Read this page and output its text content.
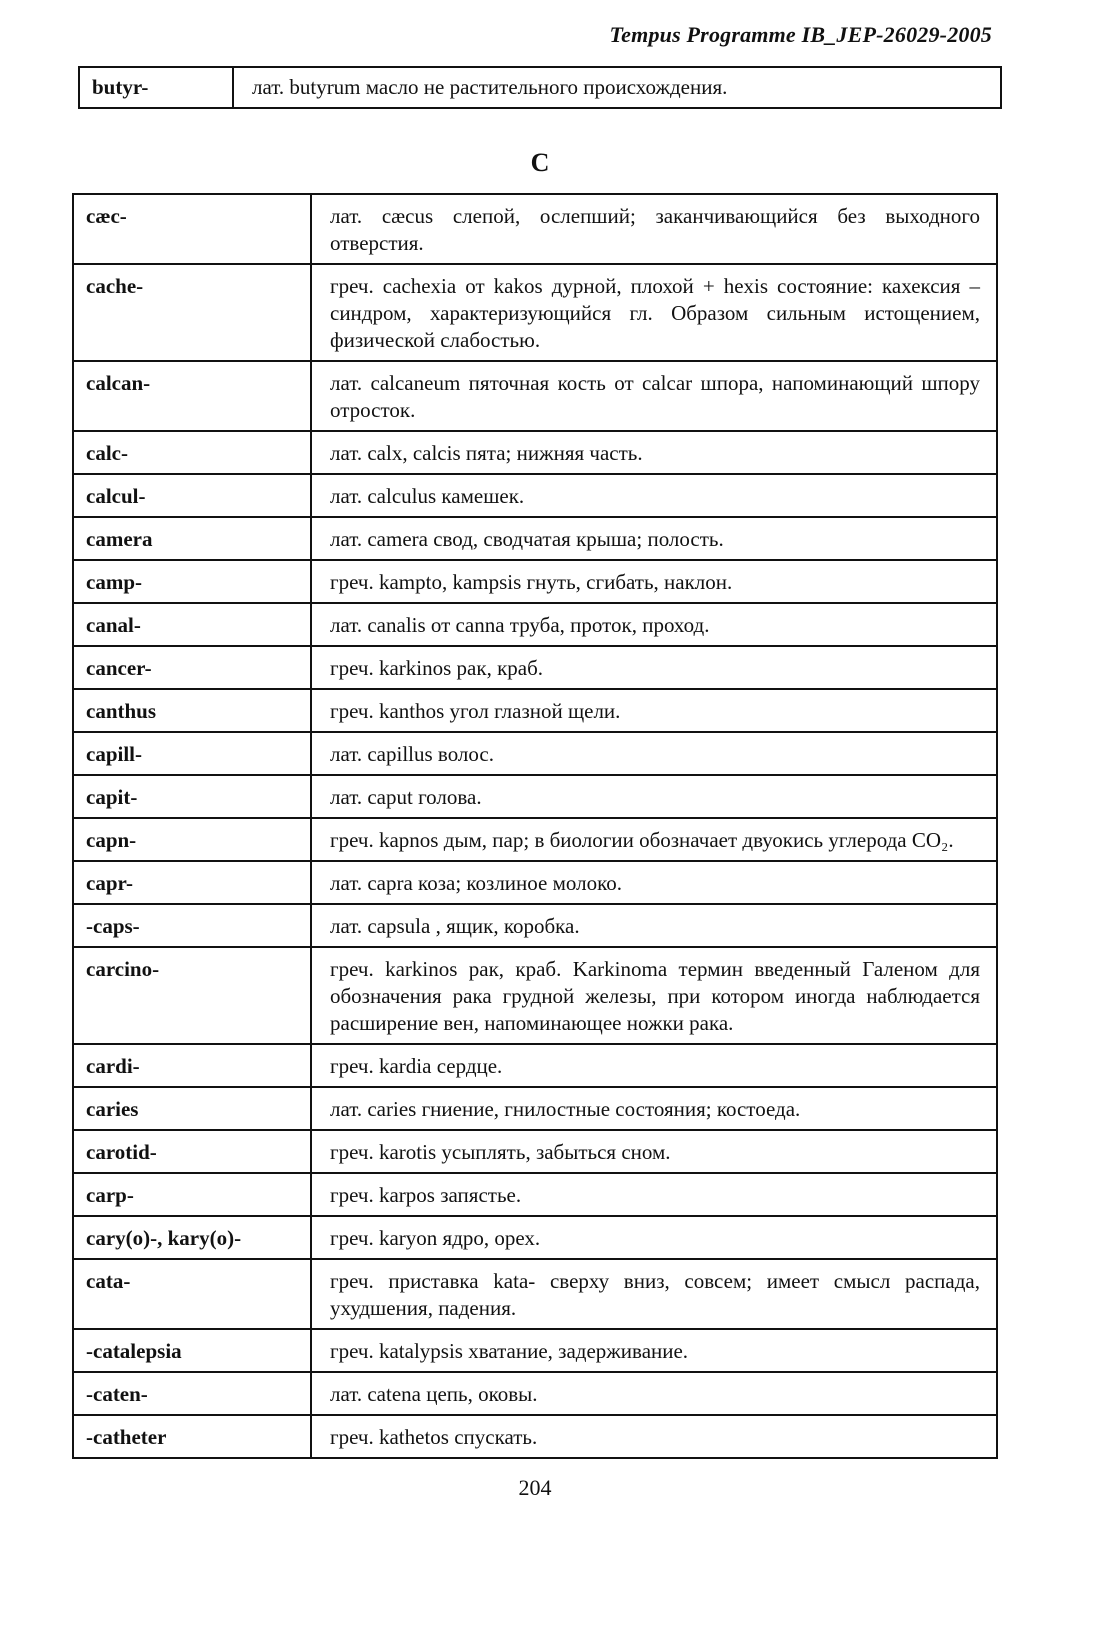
Tempus Programme IB_JEP-26029-2005
butyr-	лат. butyrum масло не растительного происхождения.
C
cæc-	лат. cæcus слепой, ослепший; заканчивающийся без выходного отверстия.
cache-	греч. cachexia от kakos дурной, плохой + hexis состояние: кахексия – синдром, характеризующийся гл. Образом сильным истощением, физической слабостью.
calcan-	лат. calcaneum пяточная кость от calcar шпора, напоминающий шпору отросток.
calc-	лат. calx, calcis пята; нижняя часть.
calcul-	лат. calculus камешек.
camera	лат. camera свод, сводчатая крыша; полость.
camp-	греч. kampto, kampsis гнуть, сгибать, наклон.
canal-	лат. canalis от canna труба, проток, проход.
cancer-	греч. karkinos рак, краб.
canthus	греч. kanthos угол глазной щели.
capill-	лат. capillus волос.
capit-	лат. caput голова.
capn-	греч. kapnos дым, пар; в биологии обозначает двуокись углерода CO₂.
capr-	лат. capra коза; козлиное молоко.
-caps-	лат. capsula , ящик, коробка.
carcino-	греч. karkinos рак, краб. Karkinoma термин введенный Галеном для обозначения рака грудной железы, при котором иногда наблюдается расширение вен, напоминающее ножки рака.
cardi-	греч. kardia сердце.
caries	лат. caries гниение, гнилостные состояния; костоеда.
carotid-	греч. karotis усыплять, забыться сном.
carp-	греч. karpos запястье.
cary(o)-, kary(o)-	греч. karyon ядро, орех.
cata-	греч. приставка kata- сверху вниз, совсем; имеет смысл распада, ухудшения, падения.
-catalepsia	греч. katalypsis хватание, задерживание.
-caten-	лат. catena цепь, оковы.
-catheter	греч. kathetos спускать.
204
